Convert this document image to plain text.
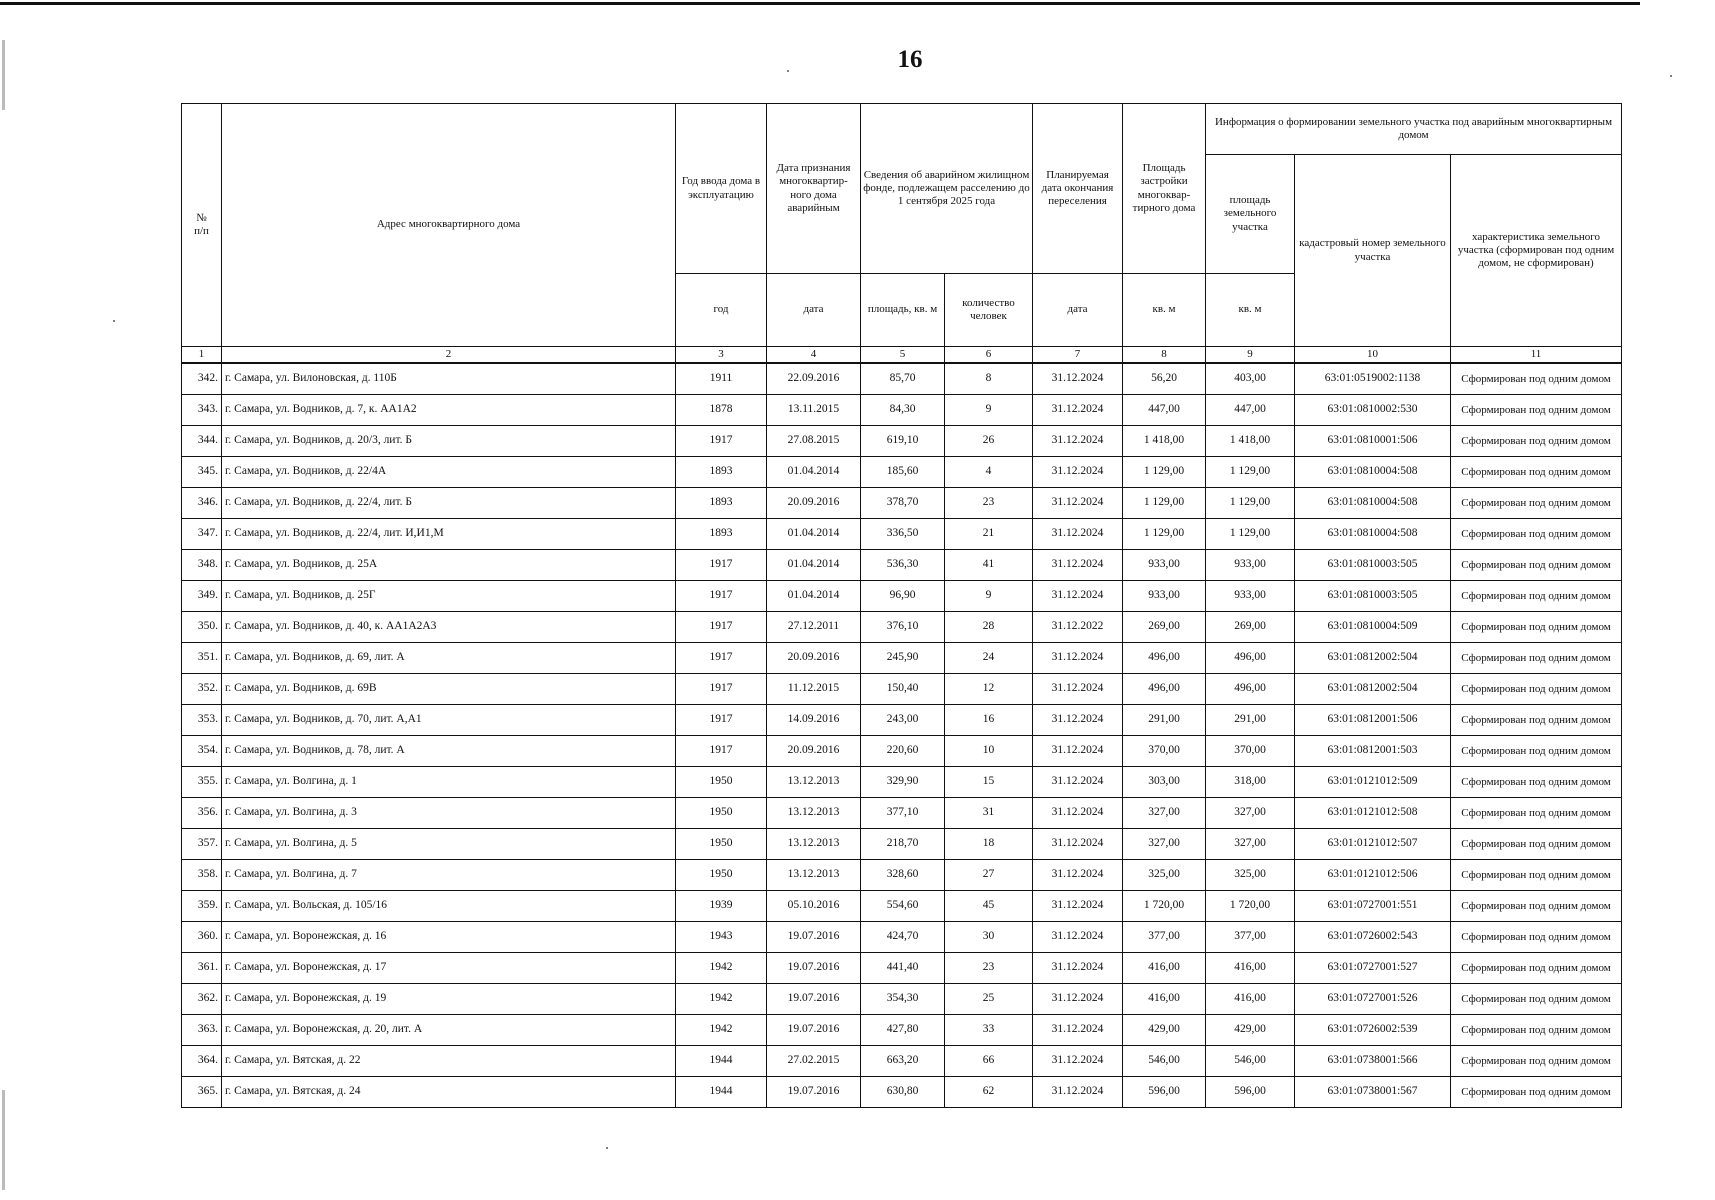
16
№
п/п	Адрес многоквартирного дома	Год ввода дома в эксплуатацию	Дата признания многоквартир-ного дома аварийным	Сведения об аварийном жилищном фонде, подлежащем расселению до 1 сентября 2025 года		Планируемая дата окончания переселения	Площадь застройки многоквар-тирного дома	Информация о формировании земельного участка под аварийным многоквартирным домом		
								площадь земельного участка	кадастровый номер земельного участка	характеристика земельного участка (сформирован под одним домом, не сформирован)
		год	дата	площадь, кв. м	количество человек	дата	кв. м	кв. м		
1	2	3	4	5	6	7	8	9	10	11
342.	г. Самара, ул. Вилоновская, д. 110Б	1911	22.09.2016	85,70	8	31.12.2024	56,20	403,00	63:01:0519002:1138	Сформирован под одним домом
343.	г. Самара, ул. Водников, д. 7, к. АА1А2	1878	13.11.2015	84,30	9	31.12.2024	447,00	447,00	63:01:0810002:530	Сформирован под одним домом
344.	г. Самара, ул. Водников, д. 20/3, лит. Б	1917	27.08.2015	619,10	26	31.12.2024	1 418,00	1 418,00	63:01:0810001:506	Сформирован под одним домом
345.	г. Самара, ул. Водников, д. 22/4А	1893	01.04.2014	185,60	4	31.12.2024	1 129,00	1 129,00	63:01:0810004:508	Сформирован под одним домом
346.	г. Самара, ул. Водников, д. 22/4, лит. Б	1893	20.09.2016	378,70	23	31.12.2024	1 129,00	1 129,00	63:01:0810004:508	Сформирован под одним домом
347.	г. Самара, ул. Водников, д. 22/4, лит. И,И1,М	1893	01.04.2014	336,50	21	31.12.2024	1 129,00	1 129,00	63:01:0810004:508	Сформирован под одним домом
348.	г. Самара, ул. Водников, д. 25А	1917	01.04.2014	536,30	41	31.12.2024	933,00	933,00	63:01:0810003:505	Сформирован под одним домом
349.	г. Самара, ул. Водников, д. 25Г	1917	01.04.2014	96,90	9	31.12.2024	933,00	933,00	63:01:0810003:505	Сформирован под одним домом
350.	г. Самара, ул. Водников, д. 40, к. АА1А2А3	1917	27.12.2011	376,10	28	31.12.2022	269,00	269,00	63:01:0810004:509	Сформирован под одним домом
351.	г. Самара, ул. Водников, д. 69, лит. А	1917	20.09.2016	245,90	24	31.12.2024	496,00	496,00	63:01:0812002:504	Сформирован под одним домом
352.	г. Самара, ул. Водников, д. 69В	1917	11.12.2015	150,40	12	31.12.2024	496,00	496,00	63:01:0812002:504	Сформирован под одним домом
353.	г. Самара, ул. Водников, д. 70, лит. А,А1	1917	14.09.2016	243,00	16	31.12.2024	291,00	291,00	63:01:0812001:506	Сформирован под одним домом
354.	г. Самара, ул. Водников, д. 78, лит. А	1917	20.09.2016	220,60	10	31.12.2024	370,00	370,00	63:01:0812001:503	Сформирован под одним домом
355.	г. Самара, ул. Волгина, д. 1	1950	13.12.2013	329,90	15	31.12.2024	303,00	318,00	63:01:0121012:509	Сформирован под одним домом
356.	г. Самара, ул. Волгина, д. 3	1950	13.12.2013	377,10	31	31.12.2024	327,00	327,00	63:01:0121012:508	Сформирован под одним домом
357.	г. Самара, ул. Волгина, д. 5	1950	13.12.2013	218,70	18	31.12.2024	327,00	327,00	63:01:0121012:507	Сформирован под одним домом
358.	г. Самара, ул. Волгина, д. 7	1950	13.12.2013	328,60	27	31.12.2024	325,00	325,00	63:01:0121012:506	Сформирован под одним домом
359.	г. Самара, ул. Вольская, д. 105/16	1939	05.10.2016	554,60	45	31.12.2024	1 720,00	1 720,00	63:01:0727001:551	Сформирован под одним домом
360.	г. Самара, ул. Воронежская, д. 16	1943	19.07.2016	424,70	30	31.12.2024	377,00	377,00	63:01:0726002:543	Сформирован под одним домом
361.	г. Самара, ул. Воронежская, д. 17	1942	19.07.2016	441,40	23	31.12.2024	416,00	416,00	63:01:0727001:527	Сформирован под одним домом
362.	г. Самара, ул. Воронежская, д. 19	1942	19.07.2016	354,30	25	31.12.2024	416,00	416,00	63:01:0727001:526	Сформирован под одним домом
363.	г. Самара, ул. Воронежская, д. 20, лит. А	1942	19.07.2016	427,80	33	31.12.2024	429,00	429,00	63:01:0726002:539	Сформирован под одним домом
364.	г. Самара, ул. Вятская, д. 22	1944	27.02.2015	663,20	66	31.12.2024	546,00	546,00	63:01:0738001:566	Сформирован под одним домом
365.	г. Самара, ул. Вятская, д. 24	1944	19.07.2016	630,80	62	31.12.2024	596,00	596,00	63:01:0738001:567	Сформирован под одним домом
